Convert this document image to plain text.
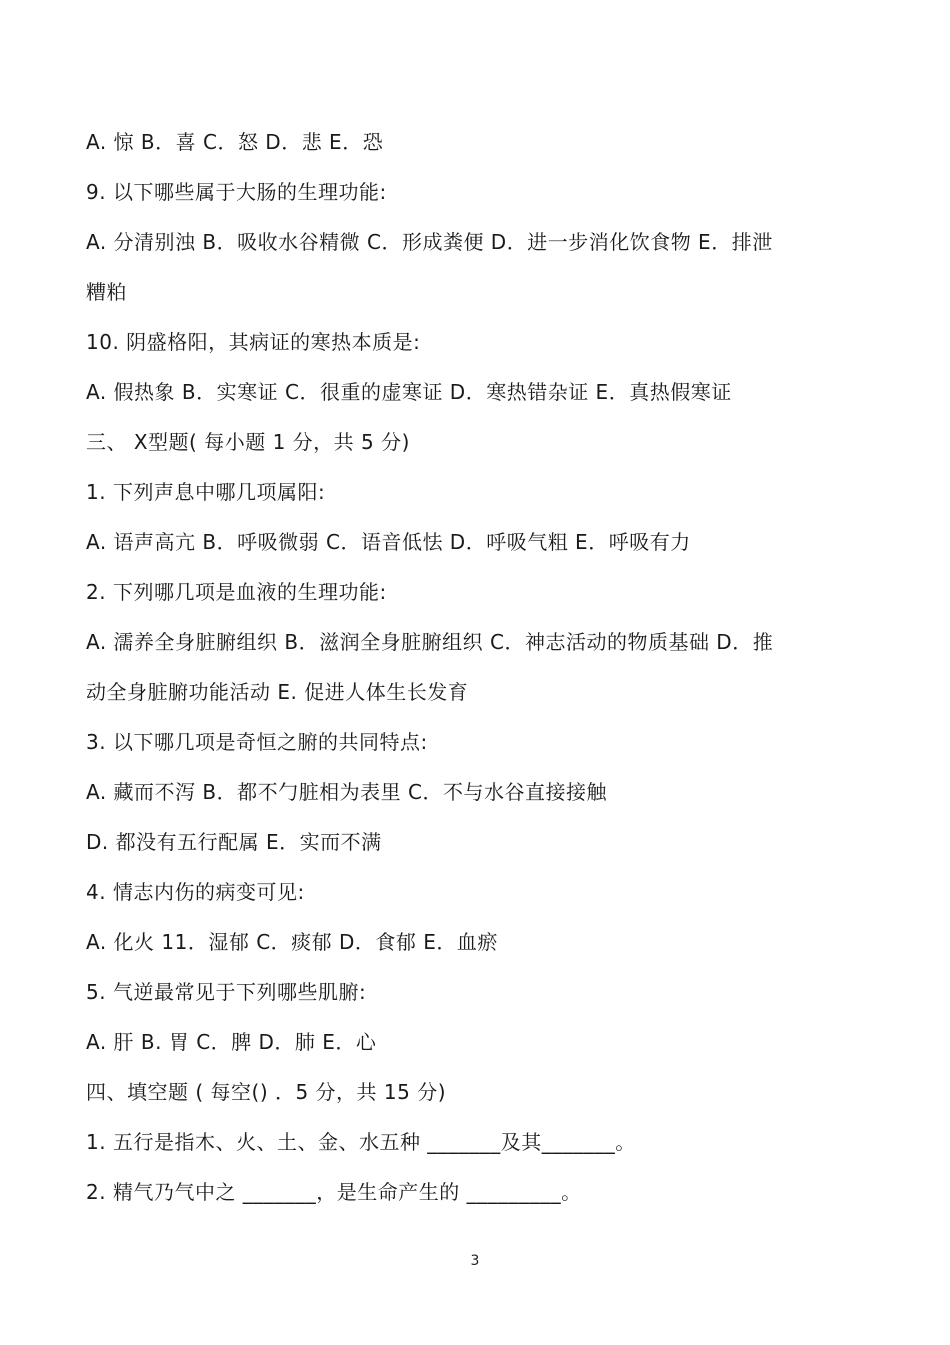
A. 惊 B．喜 C．怒 D．悲 E．恐
9. 以下哪些属于大肠的生理功能:
A. 分清别浊 B．吸收水谷精微 C．形成粪便 D．进一步消化饮食物 E．排泄
糟粕
10. 阴盛格阳，其病证的寒热本质是:
A. 假热象 B．实寒证 C．很重的虚寒证 D．寒热错杂证 E．真热假寒证
三、 X型题( 每小题 1 分，共 5 分)
1. 下列声息中哪几项属阳:
A. 语声高亢 B．呼吸微弱 C．语音低怯 D．呼吸气粗 E．呼吸有力
2. 下列哪几项是血液的生理功能:
A. 濡养全身脏腑组织 B．滋润全身脏腑组织 C．神志活动的物质基础 D．推
动全身脏腑功能活动 E. 促进人体生长发育
3. 以下哪几项是奇恒之腑的共同特点:
A. 藏而不泻 B．都不勹脏相为表里 C．不与水谷直接接触
D. 都没有五行配属 E．实而不满
4. 情志内伤的病变可见:
A. 化火 11．湿郁 C．痰郁 D．食郁 E．血瘀
5. 气逆最常见于下列哪些肌腑:
A. 肝 B. 胃 C．脾 D．肺 E．心
四、填空题 ( 每空() ．5 分，共 15 分)
1. 五行是指木、火、土、金、水五种 _______及其_______。
2. 精气乃气中之 _______，是生命产生的 _________。
3
